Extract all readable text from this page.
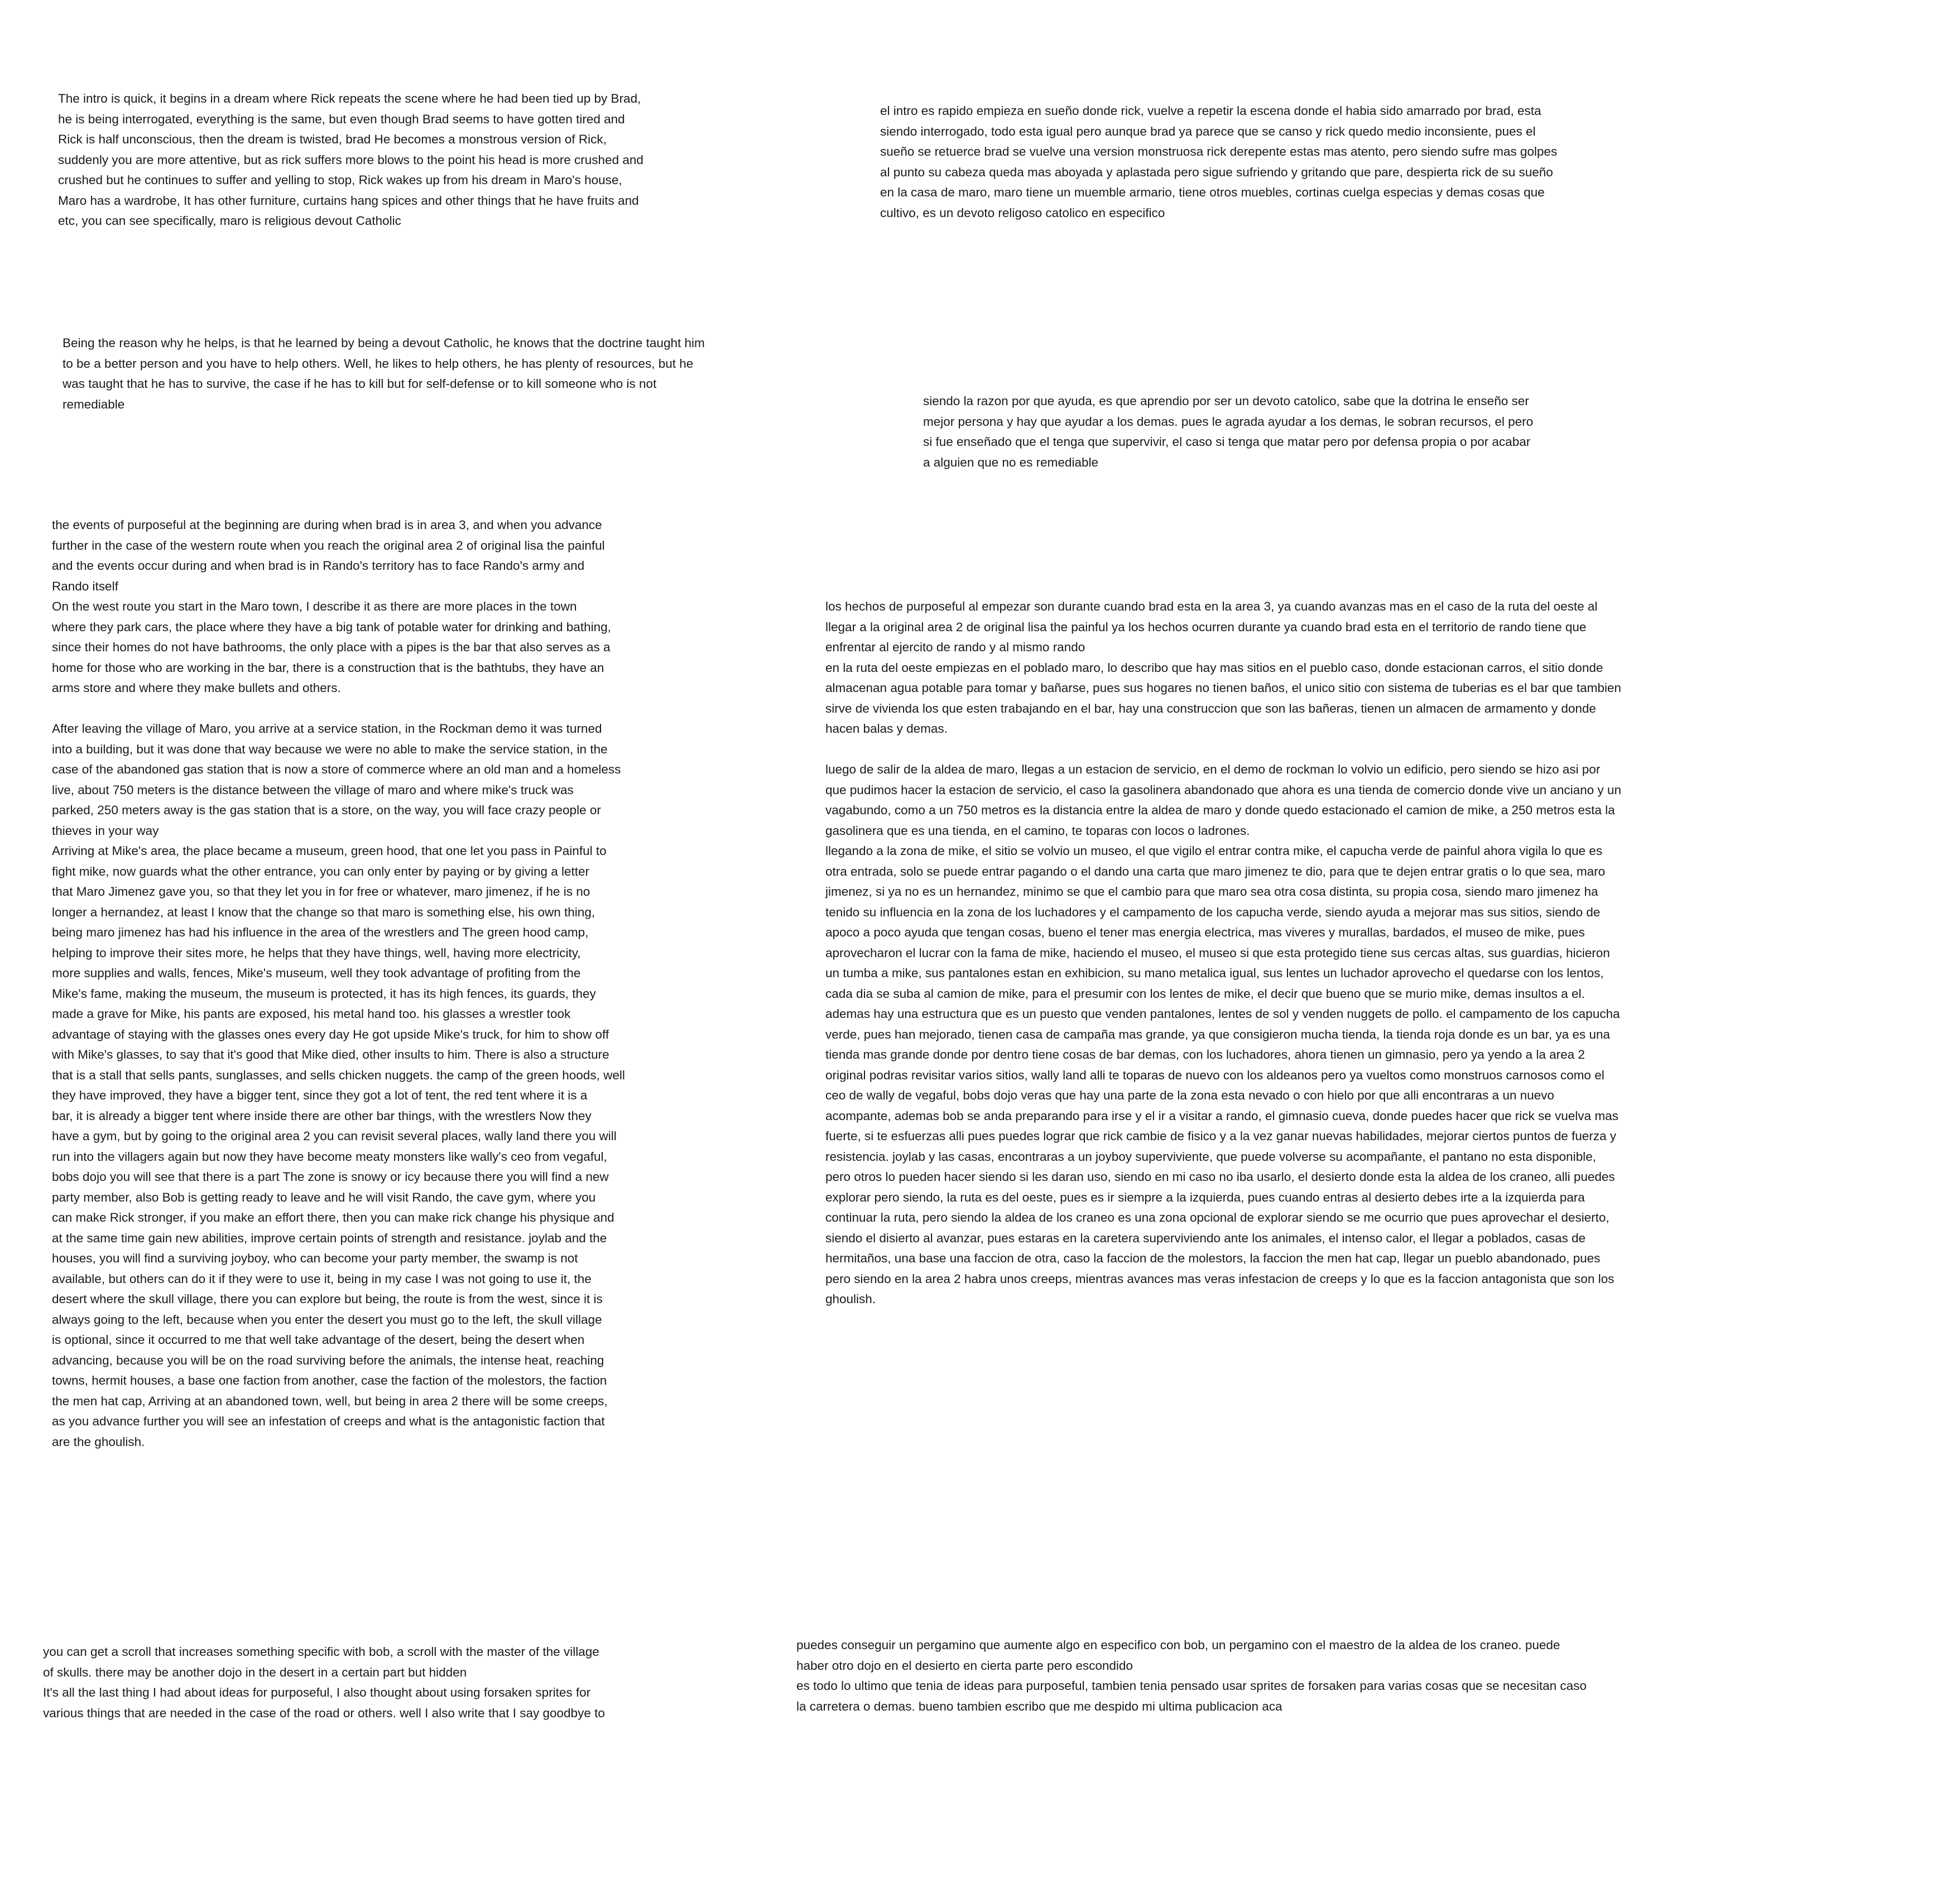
The intro is quick, it begins in a dream where Rick repeats the scene where he had been tied up by Brad,
he is being interrogated, everything is the same, but even though Brad seems to have gotten tired and
Rick is half unconscious, then the dream is twisted, brad He becomes a monstrous version of Rick,
suddenly you are more attentive, but as rick suffers more blows to the point his head is more crushed and
crushed but he continues to suffer and yelling to stop, Rick wakes up from his dream in Maro's house,
Maro has a wardrobe, It has other furniture, curtains hang spices and other things that he have fruits and
etc, you can see specifically, maro is religious devout Catholic
el intro es rapido empieza en sueño donde rick, vuelve a repetir la escena donde el habia sido amarrado por brad, esta
siendo interrogado, todo esta igual pero aunque brad ya parece que se canso y rick quedo medio inconsiente, pues el
sueño se retuerce brad se vuelve una version monstruosa rick derepente estas mas atento, pero siendo sufre mas golpes
al punto su cabeza queda mas aboyada y aplastada pero sigue sufriendo y gritando que pare, despierta rick de su sueño
en la casa de maro, maro tiene un muemble armario, tiene otros muebles, cortinas cuelga especias y demas cosas que
cultivo, es un devoto religoso catolico en especifico
Being the reason why he helps, is that he learned by being a devout Catholic, he knows that the doctrine taught him
to be a better person and you have to help others. Well, he likes to help others, he has plenty of resources, but he
was taught that he has to survive, the case if he has to kill but for self-defense or to kill someone who is not
remediable	siendo la razon por que ayuda, es que aprendio por ser un devoto catolico, sabe que la dotrina le enseño ser
mejor persona y hay que ayudar a los demas. pues le agrada ayudar a los demas, le sobran recursos, el pero
si fue enseñado que el tenga que supervivir, el caso si tenga que matar pero por defensa propia o por acabar
a alguien que no es remediable
the events of purposeful at the beginning are during when brad is in area 3, and when you advance
further in the case of the western route when you reach the original area 2 of original lisa the painful
and the events occur during and when brad is in Rando's territory has to face Rando's army and
Rando itself
On the west route you start in the Maro town, I describe it as there are more places in the town
where they park cars, the place where they have a big tank of potable water for drinking and bathing,
since their homes do not have bathrooms, the only place with a pipes is the bar that also serves as a
home for those who are working in the bar, there is a construction that is the bathtubs, they have an
arms store and where they make bullets and others.

After leaving the village of Maro, you arrive at a service station, in the Rockman demo it was turned
into a building, but it was done that way because we were no able to make the service station, in the
case of the abandoned gas station that is now a store of commerce where an old man and a homeless
live, about 750 meters is the distance between the village of maro and where mike's truck was
parked, 250 meters away is the gas station that is a store, on the way, you will face crazy people or
thieves in your way
Arriving at Mike's area, the place became a museum, green hood, that one let you pass in Painful to
fight mike, now guards what the other entrance, you can only enter by paying or by giving a letter
that Maro Jimenez gave you, so that they let you in for free or whatever, maro jimenez, if he is no
longer a hernandez, at least I know that the change so that maro is something else, his own thing,
being maro jimenez has had his influence in the area of the wrestlers and The green hood camp,
helping to improve their sites more, he helps that they have things, well, having more electricity,
more supplies and walls, fences, Mike's museum, well they took advantage of profiting from the
Mike's fame, making the museum, the museum is protected, it has its high fences, its guards, they
made a grave for Mike, his pants are exposed, his metal hand too. his glasses a wrestler took
advantage of staying with the glasses ones every day He got upside Mike's truck, for him to show off
with Mike's glasses, to say that it's good that Mike died, other insults to him. There is also a structure
that is a stall that sells pants, sunglasses, and sells chicken nuggets. the camp of the green hoods, well
they have improved, they have a bigger tent, since they got a lot of tent, the red tent where it is a
bar, it is already a bigger tent where inside there are other bar things, with the wrestlers Now they
have a gym, but by going to the original area 2 you can revisit several places, wally land there you will
run into the villagers again but now they have become meaty monsters like wally's ceo from vegaful,
bobs dojo you will see that there is a part The zone is snowy or icy because there you will find a new
party member, also Bob is getting ready to leave and he will visit Rando, the cave gym, where you
can make Rick stronger, if you make an effort there, then you can make rick change his physique and
at the same time gain new abilities, improve certain points of strength and resistance. joylab and the
houses, you will find a surviving joyboy, who can become your party member, the swamp is not
available, but others can do it if they were to use it, being in my case I was not going to use it, the
desert where the skull village, there you can explore but being, the route is from the west, since it is
always going to the left, because when you enter the desert you must go to the left, the skull village
is optional, since it occurred to me that well take advantage of the desert, being the desert when
advancing, because you will be on the road surviving before the animals, the intense heat, reaching
towns, hermit houses, a base one faction from another, case the faction of the molestors, the faction
the men hat cap, Arriving at an abandoned town, well, but being in area 2 there will be some creeps,
as you advance further you will see an infestation of creeps and what is the antagonistic faction that
are the ghoulish.
los hechos de purposeful al empezar son durante cuando brad esta en la area 3, ya cuando avanzas mas en el caso de la ruta del oeste al
llegar a la original area 2 de original lisa the painful ya los hechos ocurren durante ya cuando brad esta en el territorio de rando tiene que
enfrentar al ejercito de rando y al mismo rando
en la ruta del oeste empiezas en el poblado maro, lo describo que hay mas sitios en el pueblo caso, donde estacionan carros, el sitio donde
almacenan agua potable para tomar y bañarse, pues sus hogares no tienen baños, el unico sitio con sistema de tuberias es el bar que tambien
sirve de vivienda los que esten trabajando en el bar, hay una construccion que son las bañeras, tienen un almacen de armamento y donde
hacen balas y demas.

luego de salir de la aldea de maro, llegas a un estacion de servicio, en el demo de rockman lo volvio un edificio, pero siendo se hizo asi por
que pudimos hacer la estacion de servicio, el caso la gasolinera abandonado que ahora es una tienda de comercio donde vive un anciano y un
vagabundo, como a un 750 metros es la distancia entre la aldea de maro y donde quedo estacionado el camion de mike, a 250 metros esta la
gasolinera que es una tienda, en el camino, te toparas con locos o ladrones.
llegando a la zona de mike, el sitio se volvio un museo, el que vigilo el entrar contra mike, el capucha verde de painful ahora vigila lo que es
otra entrada, solo se puede entrar pagando o el dando una carta que maro jimenez te dio, para que te dejen entrar gratis o lo que sea, maro
jimenez, si ya no es un hernandez, minimo se que el cambio para que maro sea otra cosa distinta, su propia cosa, siendo maro jimenez ha
tenido su influencia en la zona de los luchadores y el campamento de los capucha verde, siendo ayuda a mejorar mas sus sitios, siendo de
apoco a poco ayuda que tengan cosas, bueno el tener mas energia electrica, mas viveres y murallas, bardados, el museo de mike, pues
aprovecharon el lucrar con la fama de mike, haciendo el museo, el museo si que esta protegido tiene sus cercas altas, sus guardias, hicieron
un tumba a mike, sus pantalones estan en exhibicion, su mano metalica igual, sus lentes un luchador aprovecho el quedarse con los lentos,
cada dia se suba al camion de mike, para el presumir con los lentes de mike, el decir que bueno que se murio mike, demas insultos a el.
ademas hay una estructura que es un puesto que venden pantalones, lentes de sol y venden nuggets de pollo. el campamento de los capucha
verde, pues han mejorado, tienen casa de campaña mas grande, ya que consigieron mucha tienda, la tienda roja donde es un bar, ya es una
tienda mas grande donde por dentro tiene cosas de bar demas, con los luchadores, ahora tienen un gimnasio, pero ya yendo a la area 2
original podras revisitar varios sitios, wally land alli te toparas de nuevo con los aldeanos pero ya vueltos como monstruos carnosos como el
ceo de wally de vegaful, bobs dojo veras que hay una parte de la zona esta nevado o con hielo por que alli encontraras a un nuevo
acompante, ademas bob se anda preparando para irse y el ir a visitar a rando, el gimnasio cueva, donde puedes hacer que rick se vuelva mas
fuerte, si te esfuerzas alli pues puedes lograr que rick cambie de fisico y a la vez ganar nuevas habilidades, mejorar ciertos puntos de fuerza y
resistencia. joylab y las casas, encontraras a un joyboy superviviente, que puede volverse su acompañante, el pantano no esta disponible,
pero otros lo pueden hacer siendo si les daran uso, siendo en mi caso no iba usarlo, el desierto donde esta la aldea de los craneo, alli puedes
explorar pero siendo, la ruta es del oeste, pues es ir siempre a la izquierda, pues cuando entras al desierto debes irte a la izquierda para
continuar la ruta, pero siendo la aldea de los craneo es una zona opcional de explorar siendo se me ocurrio que pues aprovechar el desierto,
siendo el disierto al avanzar, pues estaras en la caretera superviviendo ante los animales, el intenso calor, el llegar a poblados, casas de
hermitaños, una base una faccion de otra, caso la faccion de the molestors, la faccion the men hat cap, llegar un pueblo abandonado, pues
pero siendo en la area 2 habra unos creeps, mientras avances mas veras infestacion de creeps y lo que es la faccion antagonista que son los
ghoulish.
you can get a scroll that increases something specific with bob, a scroll with the master of the village
of skulls. there may be another dojo in the desert in a certain part but hidden
It's all the last thing I had about ideas for purposeful, I also thought about using forsaken sprites for
various things that are needed in the case of the road or others. well I also write that I say goodbye to
puedes conseguir un pergamino que aumente algo en especifico con bob, un pergamino con el maestro de la aldea de los craneo. puede
haber otro dojo en el desierto en cierta parte pero escondido
es todo lo ultimo que tenia de ideas para purposeful, tambien tenia pensado usar sprites de forsaken para varias cosas que se necesitan caso
la carretera o demas. bueno tambien escribo que me despido mi ultima publicacion aca
